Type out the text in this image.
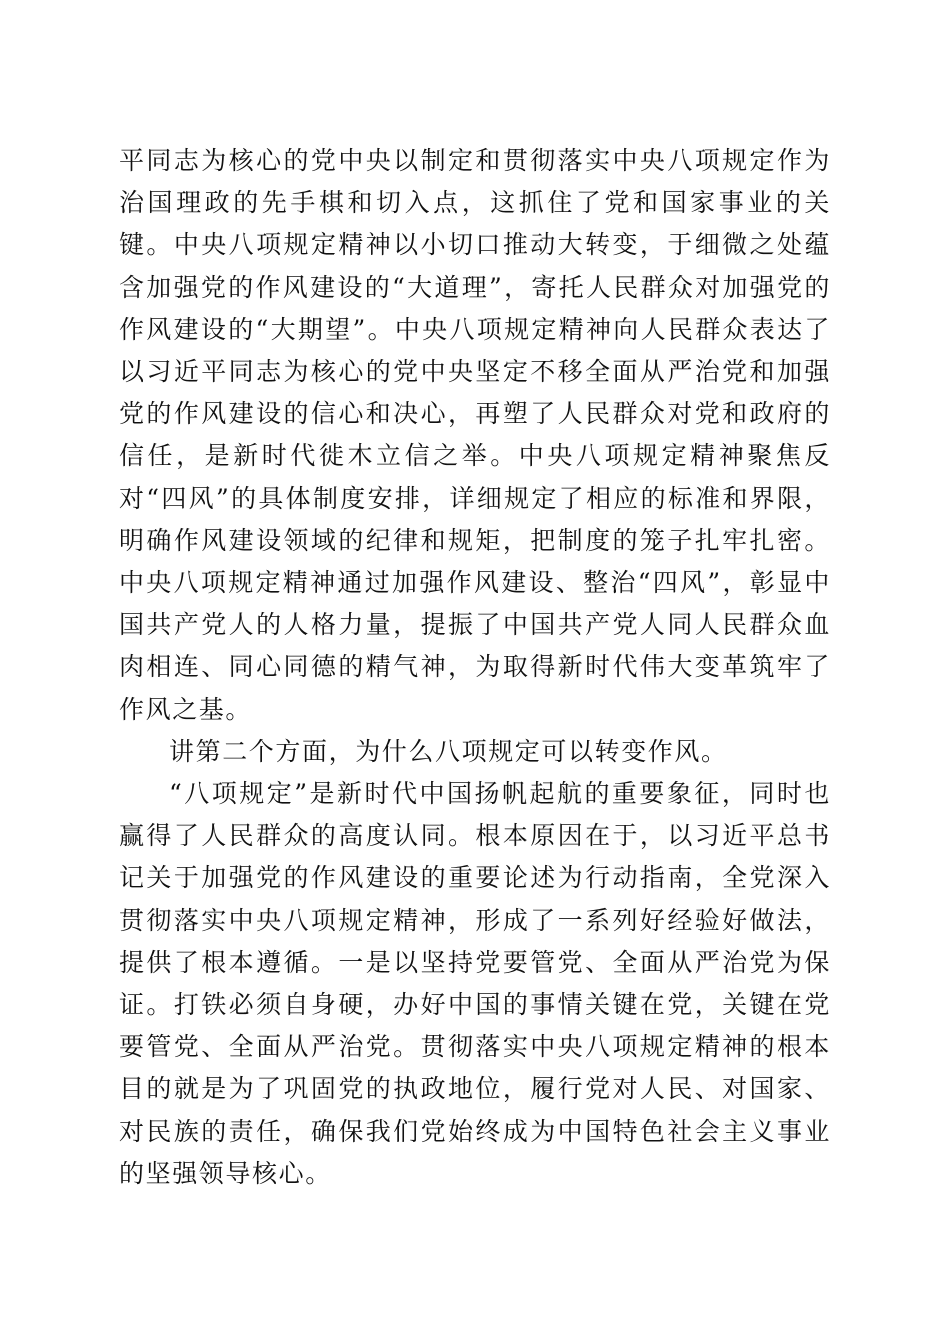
平同志为核心的党中央以制定和贯彻落实中央八项规定作为治国理政的先手棋和切入点，这抓住了党和国家事业的关键。中央八项规定精神以小切口推动大转变，于细微之处蕴含加强党的作风建设的“大道理”，寄托人民群众对加强党的作风建设的“大期望”。中央八项规定精神向人民群众表达了以习近平同志为核心的党中央坚定不移全面从严治党和加强党的作风建设的信心和决心，再塑了人民群众对党和政府的信任，是新时代徙木立信之举。中央八项规定精神聚焦反对“四风”的具体制度安排，详细规定了相应的标准和界限，明确作风建设领域的纪律和规矩，把制度的笼子扎牢扎密。中央八项规定精神通过加强作风建设、整治“四风”，彰显中国共产党人的人格力量，提振了中国共产党人同人民群众血肉相连、同心同德的精气神，为取得新时代伟大变革筑牢了作风之基。

讲第二个方面，为什么八项规定可以转变作风。

“八项规定”是新时代中国扬帆起航的重要象征，同时也赢得了人民群众的高度认同。根本原因在于，以习近平总书记关于加强党的作风建设的重要论述为行动指南，全党深入贯彻落实中央八项规定精神，形成了一系列好经验好做法，提供了根本遵循。一是以坚持党要管党、全面从严治党为保证。打铁必须自身硬，办好中国的事情关键在党，关键在党要管党、全面从严治党。贯彻落实中央八项规定精神的根本目的就是为了巩固党的执政地位，履行党对人民、对国家、对民族的责任，确保我们党始终成为中国特色社会主义事业的坚强领导核心。
